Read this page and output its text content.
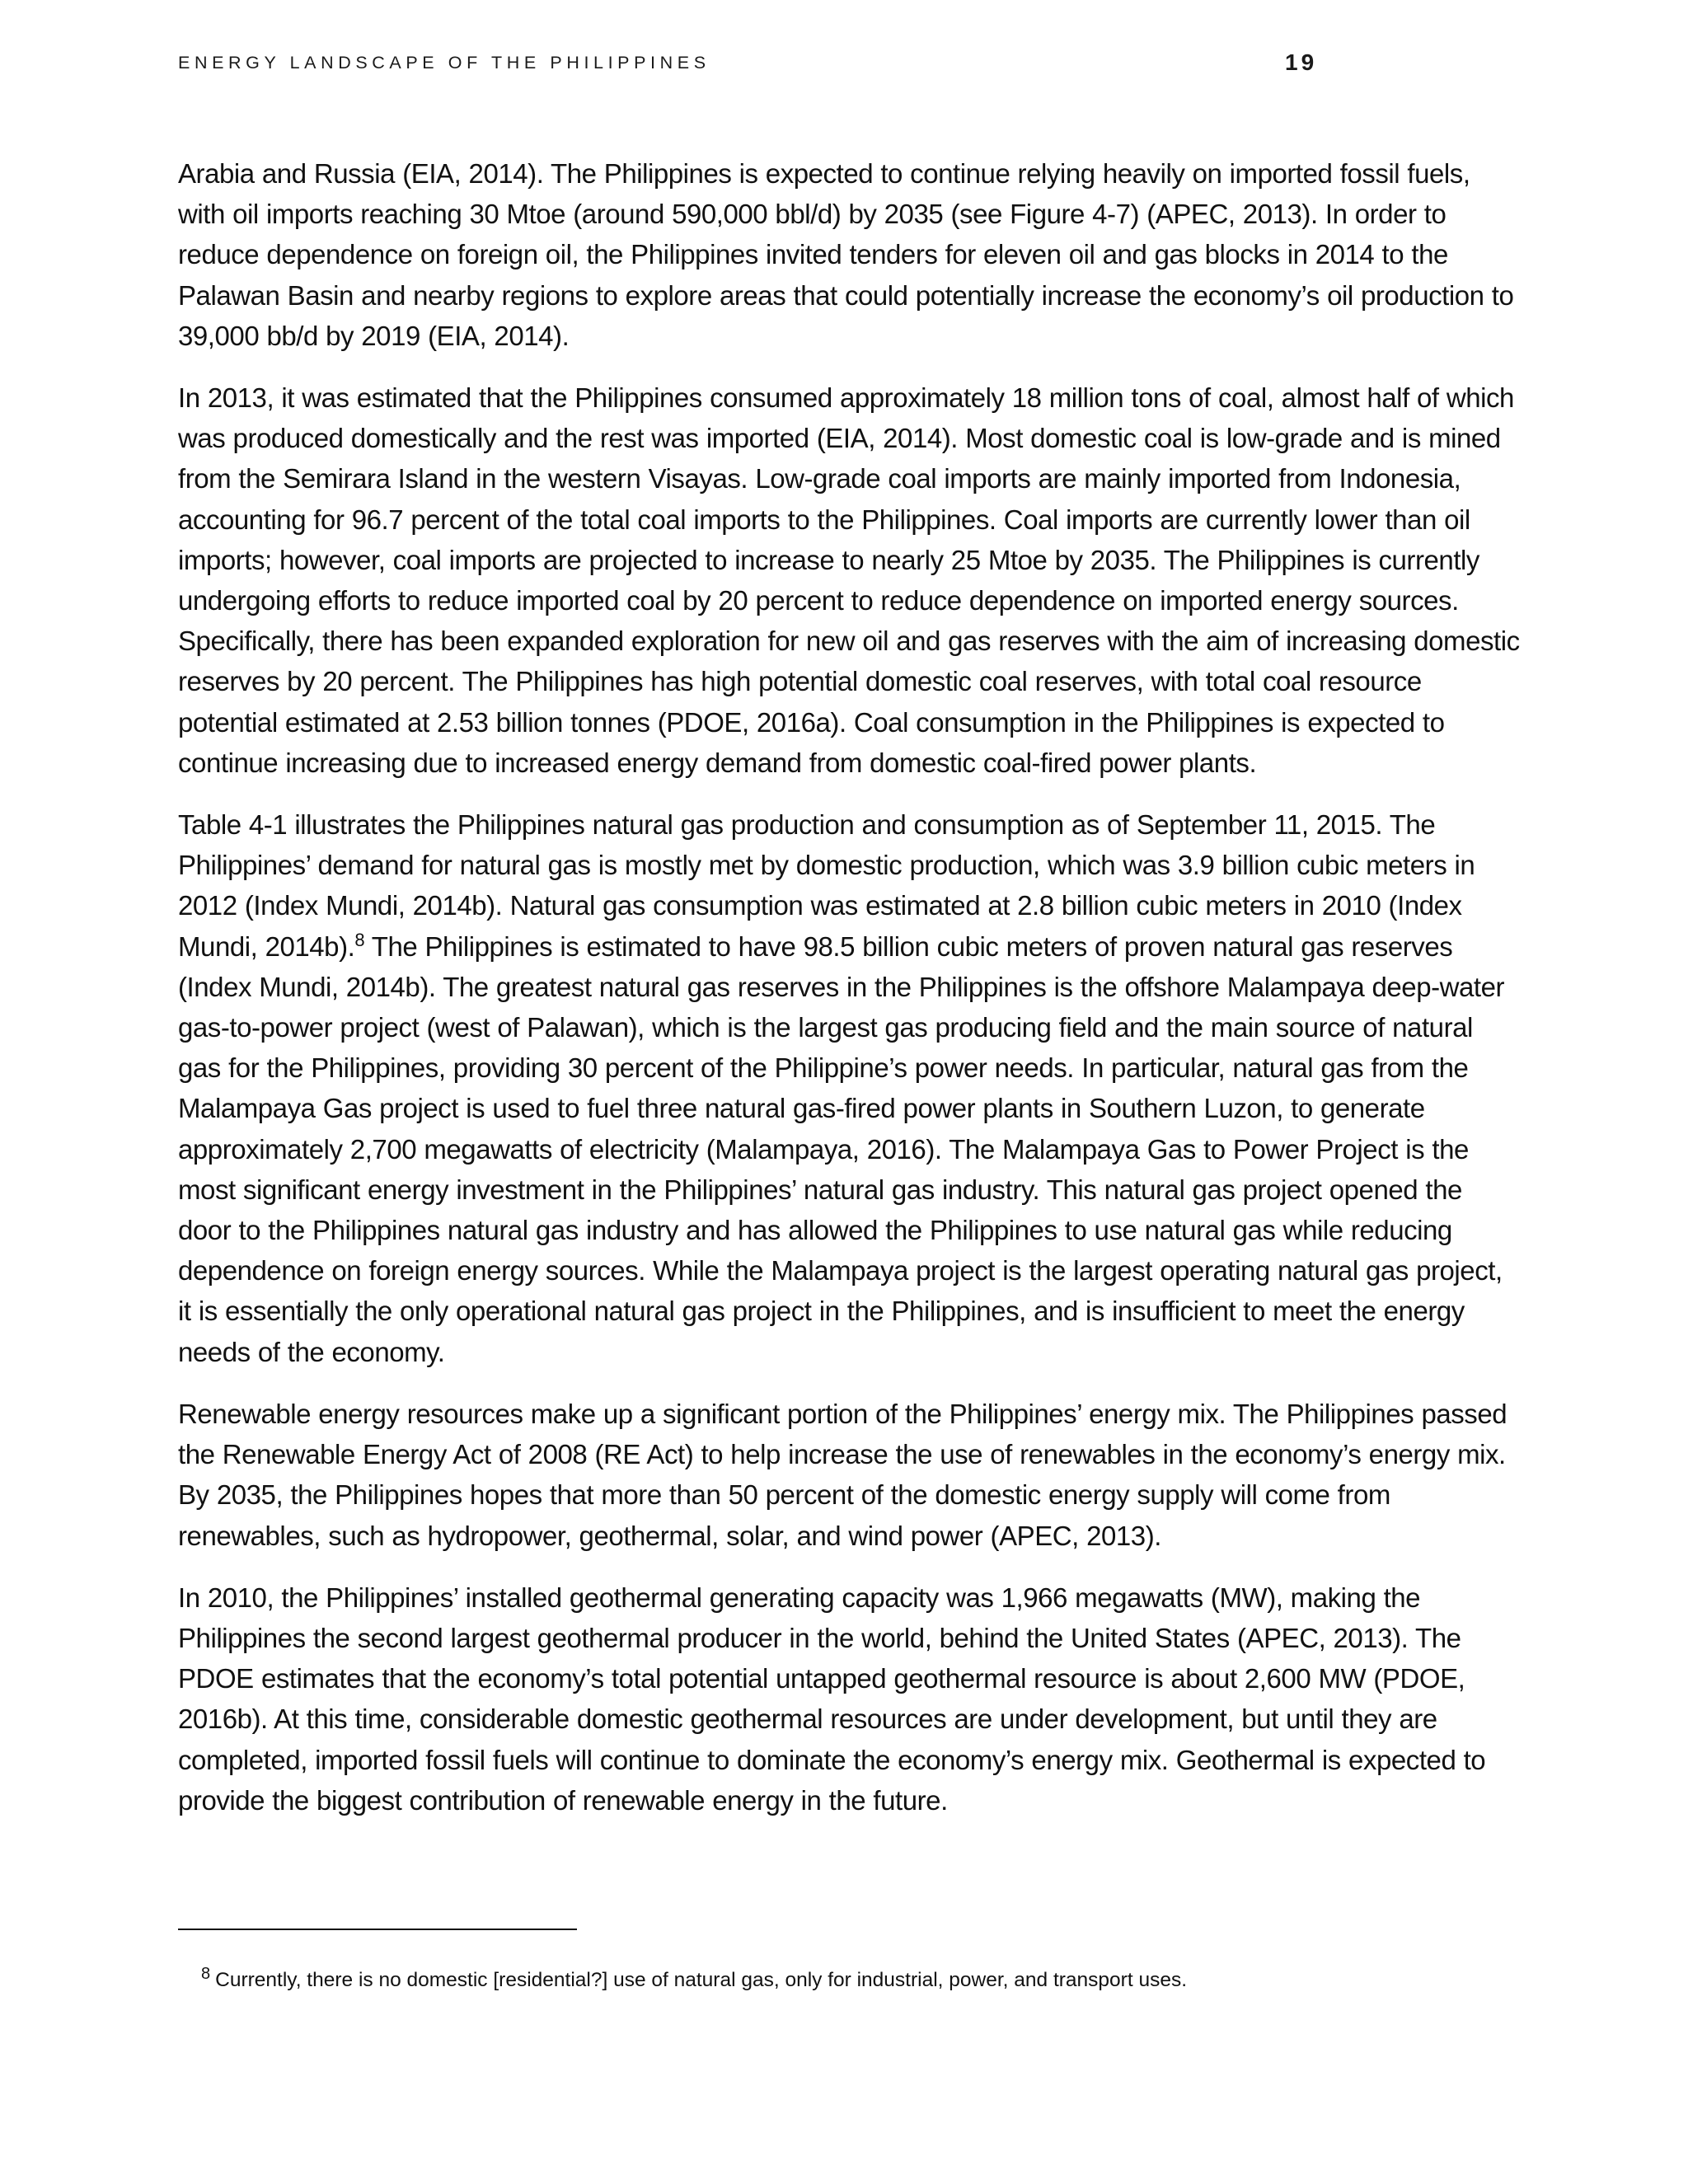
ENERGY LANDSCAPE OF THE PHILIPPINES	19

Arabia and Russia (EIA, 2014). The Philippines is expected to continue relying heavily on imported fossil fuels, with oil imports reaching 30 Mtoe (around 590,000 bbl/d) by 2035 (see Figure 4-7) (APEC, 2013). In order to reduce dependence on foreign oil, the Philippines invited tenders for eleven oil and gas blocks in 2014 to the Palawan Basin and nearby regions to explore areas that could potentially increase the economy’s oil production to 39,000 bb/d by 2019 (EIA, 2014).

In 2013, it was estimated that the Philippines consumed approximately 18 million tons of coal, almost half of which was produced domestically and the rest was imported (EIA, 2014). Most domestic coal is low-grade and is mined from the Semirara Island in the western Visayas. Low-grade coal imports are mainly imported from Indonesia, accounting for 96.7 percent of the total coal imports to the Philippines. Coal imports are currently lower than oil imports; however, coal imports are projected to increase to nearly 25 Mtoe by 2035. The Philippines is currently undergoing efforts to reduce imported coal by 20 percent to reduce dependence on imported energy sources. Specifically, there has been expanded exploration for new oil and gas reserves with the aim of increasing domestic reserves by 20 percent. The Philippines has high potential domestic coal reserves, with total coal resource potential estimated at 2.53 billion tonnes (PDOE, 2016a). Coal consumption in the Philippines is expected to continue increasing due to increased energy demand from domestic coal-fired power plants.

Table 4-1 illustrates the Philippines natural gas production and consumption as of September 11, 2015. The Philippines’ demand for natural gas is mostly met by domestic production, which was 3.9 billion cubic meters in 2012 (Index Mundi, 2014b). Natural gas consumption was estimated at 2.8 billion cubic meters in 2010 (Index Mundi, 2014b).$^8$ The Philippines is estimated to have 98.5 billion cubic meters of proven natural gas reserves (Index Mundi, 2014b). The greatest natural gas reserves in the Philippines is the offshore Malampaya deep-water gas-to-power project (west of Palawan), which is the largest gas producing field and the main source of natural gas for the Philippines, providing 30 percent of the Philippine’s power needs. In particular, natural gas from the Malampaya Gas project is used to fuel three natural gas-fired power plants in Southern Luzon, to generate approximately 2,700 megawatts of electricity (Malampaya, 2016). The Malampaya Gas to Power Project is the most significant energy investment in the Philippines’ natural gas industry. This natural gas project opened the door to the Philippines natural gas industry and has allowed the Philippines to use natural gas while reducing dependence on foreign energy sources. While the Malampaya project is the largest operating natural gas project, it is essentially the only operational natural gas project in the Philippines, and is insufficient to meet the energy needs of the economy.

Renewable energy resources make up a significant portion of the Philippines’ energy mix. The Philippines passed the Renewable Energy Act of 2008 (RE Act) to help increase the use of renewables in the economy’s energy mix. By 2035, the Philippines hopes that more than 50 percent of the domestic energy supply will come from renewables, such as hydropower, geothermal, solar, and wind power (APEC, 2013).

In 2010, the Philippines’ installed geothermal generating capacity was 1,966 megawatts (MW), making the Philippines the second largest geothermal producer in the world, behind the United States (APEC, 2013). The PDOE estimates that the economy’s total potential untapped geothermal resource is about 2,600 MW (PDOE, 2016b). At this time, considerable domestic geothermal resources are under development, but until they are completed, imported fossil fuels will continue to dominate the economy’s energy mix. Geothermal is expected to provide the biggest contribution of renewable energy in the future.

$^8$ Currently, there is no domestic [residential?] use of natural gas, only for industrial, power, and transport uses.
